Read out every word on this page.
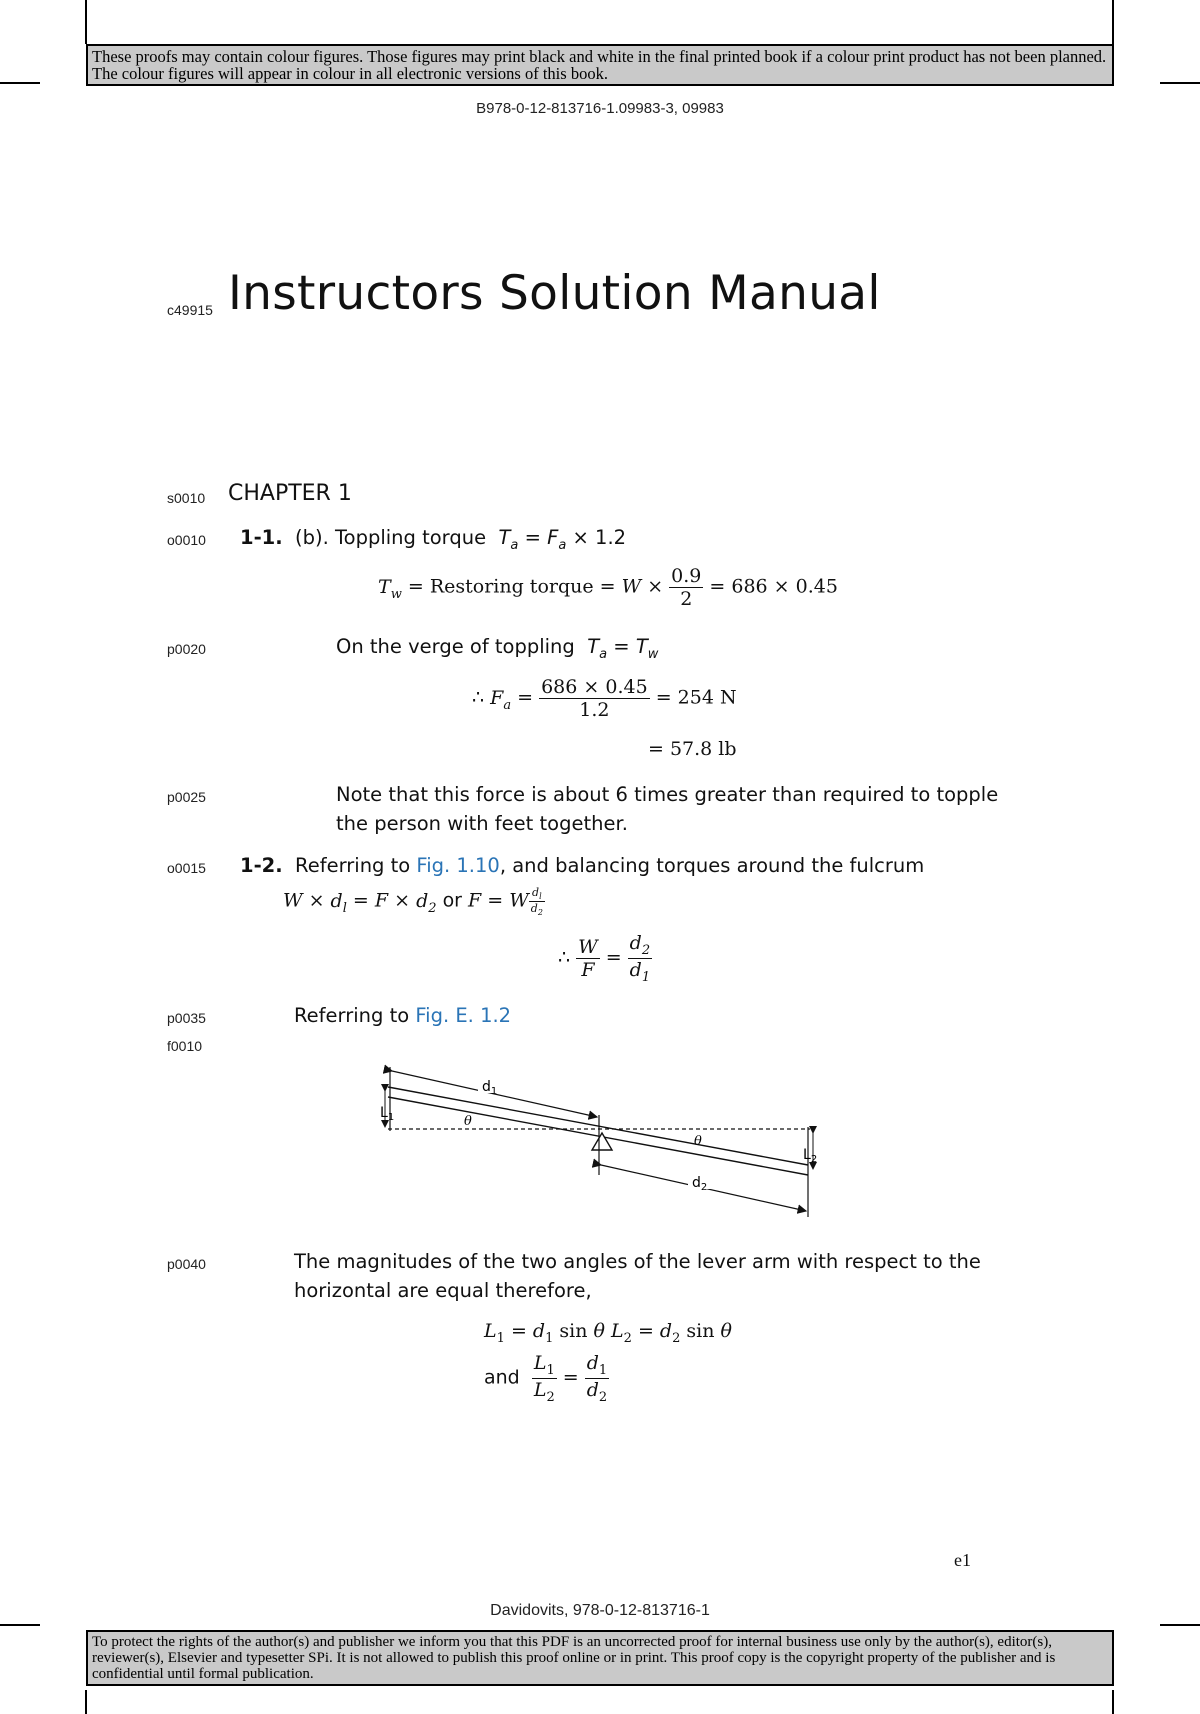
These proofs may contain colour figures. Those figures may print black and white in the final printed book if a colour print product has not been planned. The colour figures will appear in colour in all electronic versions of this book.
B978-0-12-813716-1.09983-3, 09983
c49915 Instructors Solution Manual
s0010 CHAPTER 1
o0010 1-1. (b). Toppling torque  $T_a = F_a \times 1.2$
$T_w$ = Restoring torque = $W \times \frac{0.9}{2} = 686 \times 0.45$
p0020	On the verge of toppling  $T_a = T_w$
∴ $F_a = \frac{686 \times 0.45}{1.2} = 254$ N
= 57.8 lb
p0025	Note that this force is about 6 times greater than required to topple
the person with feet together.
o0015 1-2. Referring to Fig. 1.10, and balancing torques around the fulcrum
$W \times d_l = F \times d_2$ or F = W $\frac{d_l}{d_2}$
∴ $\frac{W}{F} = \frac{d_2}{d_1}$
p0035	Referring to Fig. E. 1.2
f0010
$d_1$
$d_2$
$L_1$
$L_2$
θ
θ
p0040	The magnitudes of the two angles of the lever arm with respect to the
horizontal are equal therefore,
$L_1 = d_1$ sin θ $L_2 = d_2$ sin θ
and $\frac{L_1}{L_2} = \frac{d_1}{d_2}$
e1
Davidovits, 978-0-12-813716-1
To protect the rights of the author(s) and publisher we inform you that this PDF is an uncorrected proof for internal business use only by the author(s), editor(s), reviewer(s), Elsevier and typesetter SPi. It is not allowed to publish this proof online or in print. This proof copy is the copyright property of the publisher and is confidential until formal publication.
